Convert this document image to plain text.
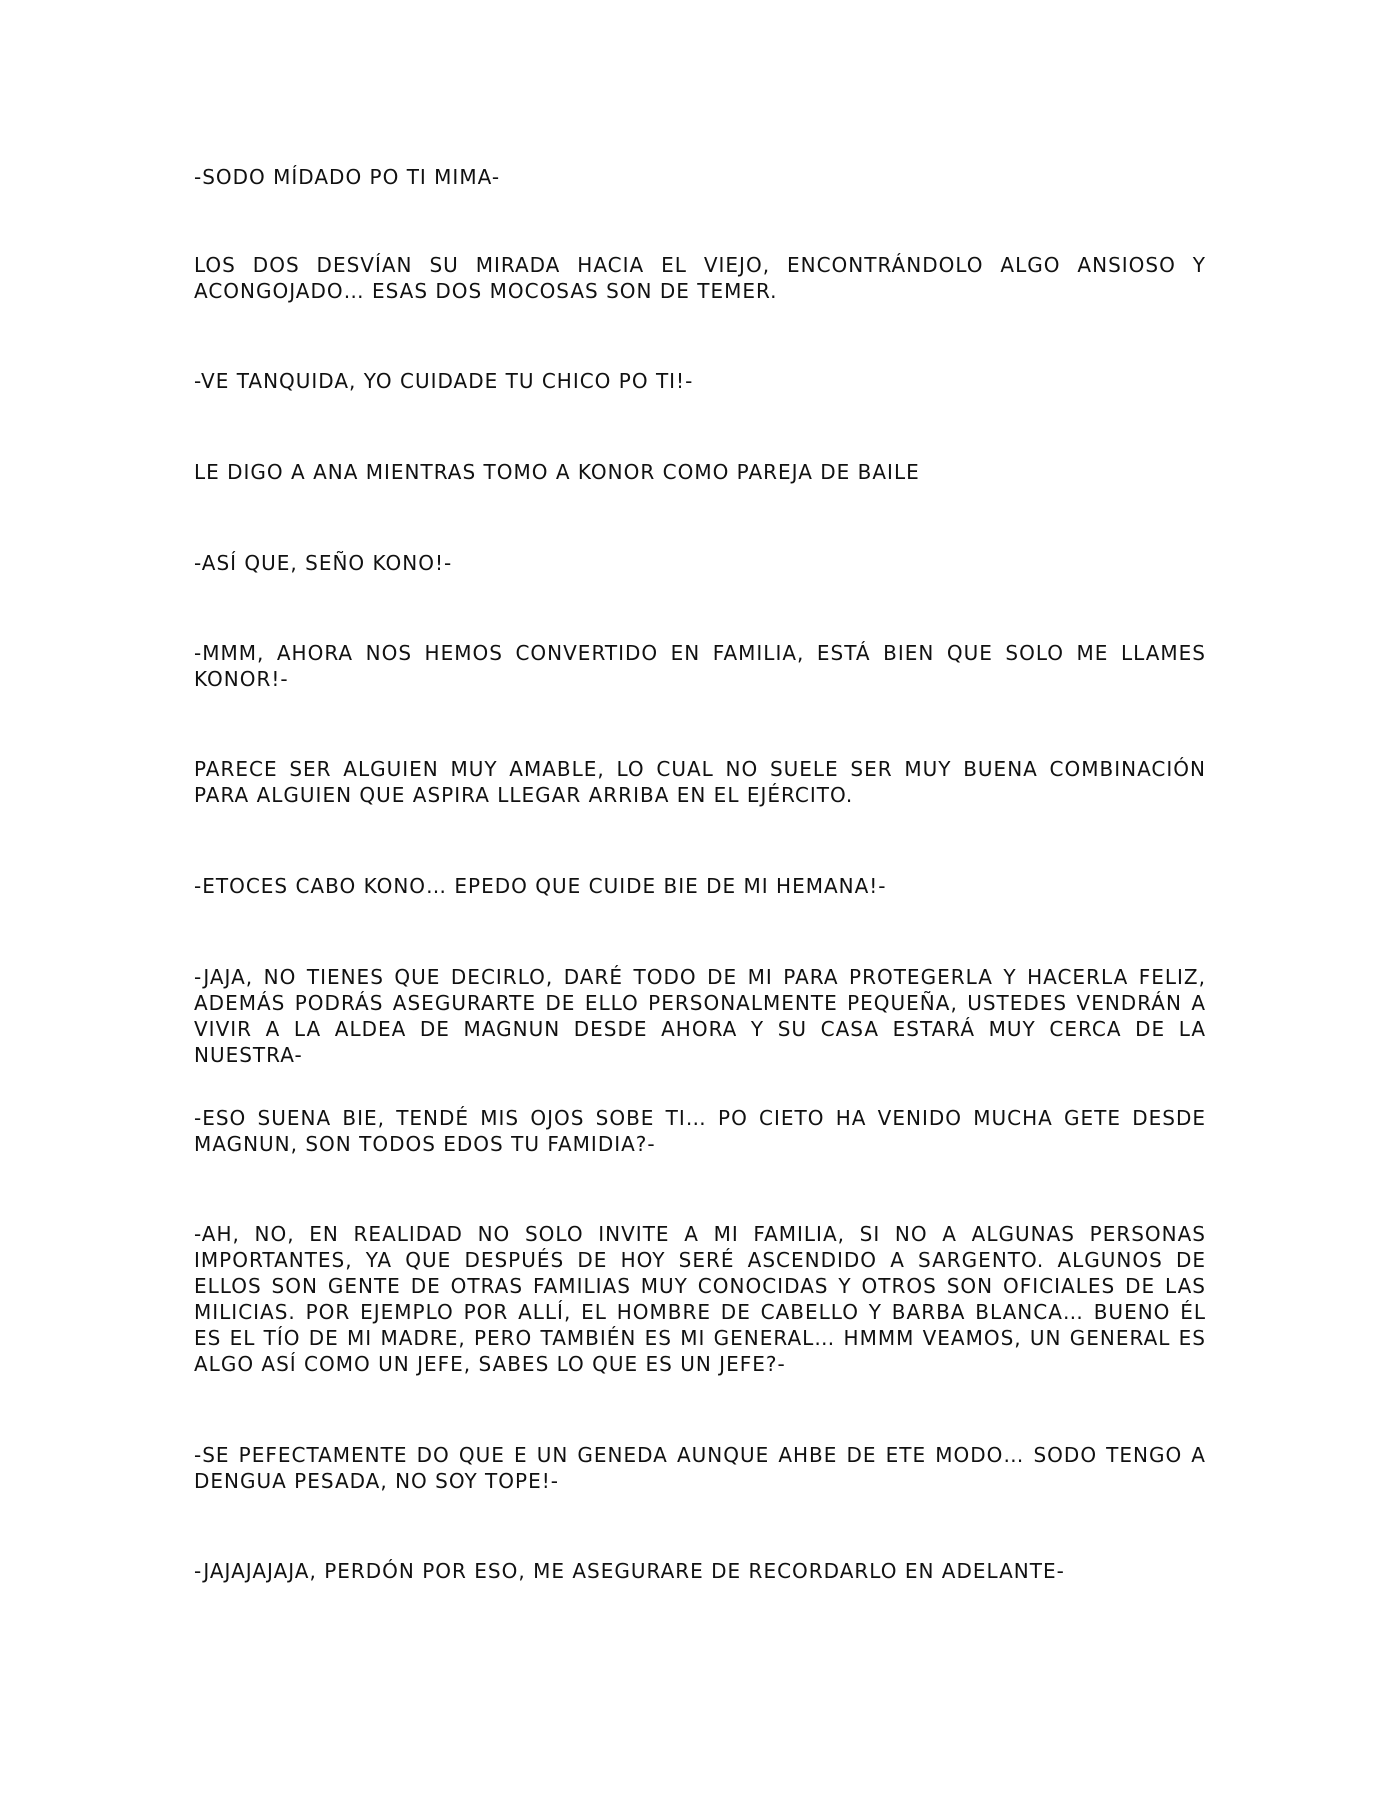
-SODO MÍDADO PO TI MIMA-

LOS DOS DESVÍAN SU MIRADA HACIA EL VIEJO, ENCONTRÁNDOLO ALGO ANSIOSO Y ACONGOJADO… ESAS DOS MOCOSAS SON DE TEMER.

-VE TANQUIDA, YO CUIDADE TU CHICO PO TI!-

LE DIGO A ANA MIENTRAS TOMO A KONOR COMO PAREJA DE BAILE

-ASÍ QUE, SEÑO KONO!-

-MMM, AHORA NOS HEMOS CONVERTIDO EN FAMILIA, ESTÁ BIEN QUE SOLO ME LLAMES KONOR!-

PARECE SER ALGUIEN MUY AMABLE, LO CUAL NO SUELE SER MUY BUENA COMBINACIÓN PARA ALGUIEN QUE ASPIRA LLEGAR ARRIBA EN EL EJÉRCITO.

-ETOCES CABO KONO… EPEDO QUE CUIDE BIE DE MI HEMANA!-

-JAJA, NO TIENES QUE DECIRLO, DARÉ TODO DE MI PARA PROTEGERLA Y HACERLA FELIZ, ADEMÁS PODRÁS ASEGURARTE DE ELLO PERSONALMENTE PEQUEÑA, USTEDES VENDRÁN A VIVIR A LA ALDEA DE MAGNUN DESDE AHORA Y SU CASA ESTARÁ MUY CERCA DE LA NUESTRA-

-ESO SUENA BIE, TENDÉ MIS OJOS SOBE TI… PO CIETO HA VENIDO MUCHA GETE DESDE MAGNUN, SON TODOS EDOS TU FAMIDIA?-

-AH, NO, EN REALIDAD NO SOLO INVITE A MI FAMILIA, SI NO A ALGUNAS PERSONAS IMPORTANTES, YA QUE DESPUÉS DE HOY SERÉ ASCENDIDO A SARGENTO. ALGUNOS DE ELLOS SON GENTE DE OTRAS FAMILIAS MUY CONOCIDAS Y OTROS SON OFICIALES DE LAS MILICIAS. POR EJEMPLO POR ALLÍ, EL HOMBRE DE CABELLO Y BARBA BLANCA… BUENO ÉL ES EL TÍO DE MI MADRE, PERO TAMBIÉN ES MI GENERAL… HMMM VEAMOS, UN GENERAL ES ALGO ASÍ COMO UN JEFE, SABES LO QUE ES UN JEFE?-

-SE PEFECTAMENTE DO QUE E UN GENEDA AUNQUE AHBE DE ETE MODO… SODO TENGO A DENGUA PESADA, NO SOY TOPE!-

-JAJAJAJAJA, PERDÓN POR ESO, ME ASEGURARE DE RECORDARLO EN ADELANTE-
